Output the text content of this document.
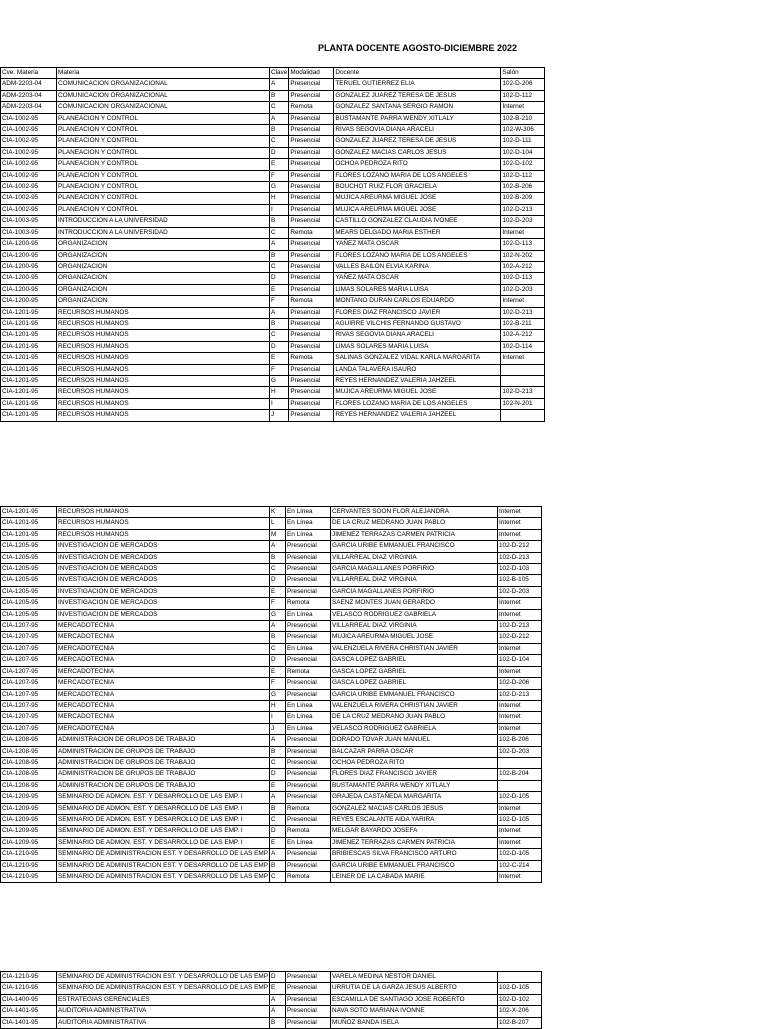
PLANTA DOCENTE AGOSTO-DICIEMBRE 2022
Cve. Materia	Materia	Clave	Modalidad	Docente	Salón
ADM-2203-04	COMUNICACION ORGANIZACIONAL	A	Presencial	TERUEL GUTIERREZ ELIA	102-D-206
ADM-2203-04	COMUNICACION ORGANIZACIONAL	B	Presencial	GONZALEZ JUAREZ TERESA DE JESUS	102-D-112
ADM-2203-04	COMUNICACION ORGANIZACIONAL	C	Remota	GONZALEZ SANTANA SERGIO RAMON	Internet
CIA-1002-95	PLANEACION Y CONTROL	A	Presencial	BUSTAMANTE PARRA WENDY XITLALY	102-B-210
CIA-1002-95	PLANEACION Y CONTROL	B	Presencial	RIVAS SEGOVIA DIANA ARACELI	102-W-306
CIA-1002-95	PLANEACION Y CONTROL	C	Presencial	GONZALEZ JUAREZ TERESA DE JESUS	102-D-111
CIA-1002-95	PLANEACION Y CONTROL	D	Presencial	GONZALEZ MACIAS CARLOS JESUS	102-D-104
CIA-1002-95	PLANEACION Y CONTROL	E	Presencial	OCHOA PEDROZA RITO	102-D-102
CIA-1002-95	PLANEACION Y CONTROL	F	Presencial	FLORES LOZANO MARIA DE LOS ANGELES	102-D-112
CIA-1002-95	PLANEACION Y CONTROL	G	Presencial	BOUCHOT RUIZ FLOR GRACIELA	102-B-206
CIA-1002-95	PLANEACION Y CONTROL	H	Presencial	MUJICA AREURMA MIGUEL JOSE	102-B-209
CIA-1002-95	PLANEACION Y CONTROL	I	Presencial	MUJICA AREURMA MIGUEL JOSE	102-D-213
CIA-1003-95	INTRODUCCION A LA UNIVERSIDAD	B	Presencial	CASTILLO GONZALEZ CLAUDIA IVONEE	102-D-203
CIA-1003-95	INTRODUCCION A LA UNIVERSIDAD	C	Remota	MEARS DELGADO MARIA ESTHER	Internet
CIA-1200-95	ORGANIZACION	A	Presencial	YAÑEZ MATA OSCAR	102-D-113
CIA-1200-95	ORGANIZACION	B	Presencial	FLORES LOZANO MARIA DE LOS ANGELES	102-N-202
CIA-1200-95	ORGANIZACION	C	Presencial	VALLES BAILON ELVIA KARINA	102-A-212
CIA-1200-95	ORGANIZACION	D	Presencial	YAÑEZ MATA OSCAR	102-D-113
CIA-1200-95	ORGANIZACION	E	Presencial	LIMAS SOLARES MARIA LUISA	102-D-203
CIA-1200-95	ORGANIZACION	F	Remota	MONTANO DURAN CARLOS EDUARDO	Internet
CIA-1201-95	RECURSOS HUMANOS	A	Presencial	FLORES DIAZ FRANCISCO JAVIER	102-D-213
CIA-1201-95	RECURSOS HUMANOS	B	Presencial	AGUIRRE VILCHIS FERNANDO GUSTAVO	102-B-211
CIA-1201-95	RECURSOS HUMANOS	C	Presencial	RIVAS SEGOVIA DIANA ARACELI	102-A-212
CIA-1201-95	RECURSOS HUMANOS	D	Presencial	LIMAS SOLARES MARIA LUISA	102-D-114
CIA-1201-95	RECURSOS HUMANOS	E	Remota	SALINAS GONZALEZ VIDAL KARLA MARGARITA	Internet
CIA-1201-95	RECURSOS HUMANOS	F	Presencial	LANDA TALAVERA ISAURO	
CIA-1201-95	RECURSOS HUMANOS	G	Presencial	REYES HERNANDEZ VALERIA JAHZEEL	
CIA-1201-95	RECURSOS HUMANOS	H	Presencial	MUJICA AREURMA MIGUEL JOSE	102-D-213
CIA-1201-95	RECURSOS HUMANOS	I	Presencial	FLORES LOZANO MARIA DE LOS ANGELES	102-N-201
CIA-1201-95	RECURSOS HUMANOS	J	Presencial	REYES HERNANDEZ VALERIA JAHZEEL	
CIA-1201-95	RECURSOS HUMANOS	K	En Línea	CERVANTES SOON FLOR ALEJANDRA	Internet
CIA-1201-95	RECURSOS HUMANOS	L	En Línea	DE LA CRUZ MEDRANO JUAN PABLO	Internet
CIA-1201-95	RECURSOS HUMANOS	M	En Línea	JIMENEZ TERRAZAS CARMEN PATRICIA	Internet
CIA-1205-95	INVESTIGACION DE MERCADOS	A	Presencial	GARCIA URIBE EMMANUEL FRANCISCO	102-D-212
CIA-1205-95	INVESTIGACION DE MERCADOS	B	Presencial	VILLARREAL DIAZ VIRGINIA	102-D-213
CIA-1205-95	INVESTIGACION DE MERCADOS	C	Presencial	GARCIA MAGALLANES PORFIRIO	102-D-103
CIA-1205-95	INVESTIGACION DE MERCADOS	D	Presencial	VILLARREAL DIAZ VIRGINIA	102-B-105
CIA-1205-95	INVESTIGACION DE MERCADOS	E	Presencial	GARCIA MAGALLANES PORFIRIO	102-D-203
CIA-1205-95	INVESTIGACION DE MERCADOS	F	Remota	SAENZ MONTES JUAN GERARDO	Internet
CIA-1205-95	INVESTIGACION DE MERCADOS	G	En Línea	VELASCO RODRIGUEZ GABRIELA	Internet
CIA-1207-95	MERCADOTECNIA	A	Presencial	VILLARREAL DIAZ VIRGINIA	102-D-213
CIA-1207-95	MERCADOTECNIA	B	Presencial	MUJICA AREURMA MIGUEL JOSE	102-D-212
CIA-1207-95	MERCADOTECNIA	C	En Línea	VALENZUELA RIVERA CHRISTIAN JAVIER	Internet
CIA-1207-95	MERCADOTECNIA	D	Presencial	GASCA LOPEZ GABRIEL	102-D-104
CIA-1207-95	MERCADOTECNIA	E	Remota	GASCA LOPEZ GABRIEL	Internet
CIA-1207-95	MERCADOTECNIA	F	Presencial	GASCA LOPEZ GABRIEL	102-D-206
CIA-1207-95	MERCADOTECNIA	G	Presencial	GARCIA URIBE EMMANUEL FRANCISCO	102-D-213
CIA-1207-95	MERCADOTECNIA	H	En Línea	VALENZUELA RIVERA CHRISTIAN JAVIER	Internet
CIA-1207-95	MERCADOTECNIA	I	En Línea	DE LA CRUZ MEDRANO JUAN PABLO	Internet
CIA-1207-95	MERCADOTECNIA	J	En Línea	VELASCO RODRIGUEZ GABRIELA	Internet
CIA-1208-95	ADMINISTRACION DE GRUPOS DE TRABAJO	A	Presencial	DORADO TOVAR JUAN MANUEL	102-B-206
CIA-1208-95	ADMINISTRACION DE GRUPOS DE TRABAJO	B	Presencial	BALCAZAR PARRA OSCAR	102-D-203
CIA-1208-95	ADMINISTRACION DE GRUPOS DE TRABAJO	C	Presencial	OCHOA PEDROZA RITO	
CIA-1208-95	ADMINISTRACION DE GRUPOS DE TRABAJO	D	Presencial	FLORES DIAZ FRANCISCO JAVIER	102-B-204
CIA-1208-95	ADMINISTRACION DE GRUPOS DE TRABAJO	E	Presencial	BUSTAMANTE PARRA WENDY XITLALY	
CIA-1209-95	SEMINARIO DE ADMON. EST. Y DESARROLLO DE LAS EMP. I	A	Presencial	GRAJEDA CASTAÑEDA MARGARITA	102-D-105
CIA-1209-95	SEMINARIO DE ADMON. EST. Y DESARROLLO DE LAS EMP. I	B	Remota	GONZALEZ MACIAS CARLOS JESUS	Internet
CIA-1209-95	SEMINARIO DE ADMON. EST. Y DESARROLLO DE LAS EMP. I	C	Presencial	REYES ESCALANTE AIDA YARIRA	102-D-105
CIA-1209-95	SEMINARIO DE ADMON. EST. Y DESARROLLO DE LAS EMP. I	D	Remota	MELGAR BAYARDO JOSEFA	Internet
CIA-1209-95	SEMINARIO DE ADMON. EST. Y DESARROLLO DE LAS EMP. I	E	En Línea	JIMENEZ TERRAZAS CARMEN PATRICIA	Internet
CIA-1210-95	SEMINARIO DE ADMINISTRACION EST. Y DESARROLLO DE LAS EMP	A	Presencial	BRIBIESCAS SILVA FRANCISCO ARTURO	102-D-105
CIA-1210-95	SEMINARIO DE ADMINISTRACION EST. Y DESARROLLO DE LAS EMP	B	Presencial	GARCIA URIBE EMMANUEL FRANCISCO	102-C-214
CIA-1210-95	SEMINARIO DE ADMINISTRACION EST. Y DESARROLLO DE LAS EMP	C	Remota	LEINER DE LA CABADA MARIE	Internet
CIA-1210-95	SEMINARIO DE ADMINISTRACION EST. Y DESARROLLO DE LAS EMP	D	Presencial	VARELA MEDINA NESTOR DANIEL	
CIA-1210-95	SEMINARIO DE ADMINISTRACION EST. Y DESARROLLO DE LAS EMP	E	Presencial	URRUTIA DE LA GARZA JESUS ALBERTO	102-D-105
CIA-1400-95	ESTRATEGIAS GERENCIALES	A	Presencial	ESCAMILLA DE SANTIAGO JOSE ROBERTO	102-D-102
CIA-1401-95	AUDITORIA ADMINISTRATIVA	A	Presencial	NAVA SOTO MARIANA IVONNE	102-X-206
CIA-1401-95	AUDITORIA ADMINISTRATIVA	B	Presencial	MUÑOZ BANDA ISELA	102-B-207
